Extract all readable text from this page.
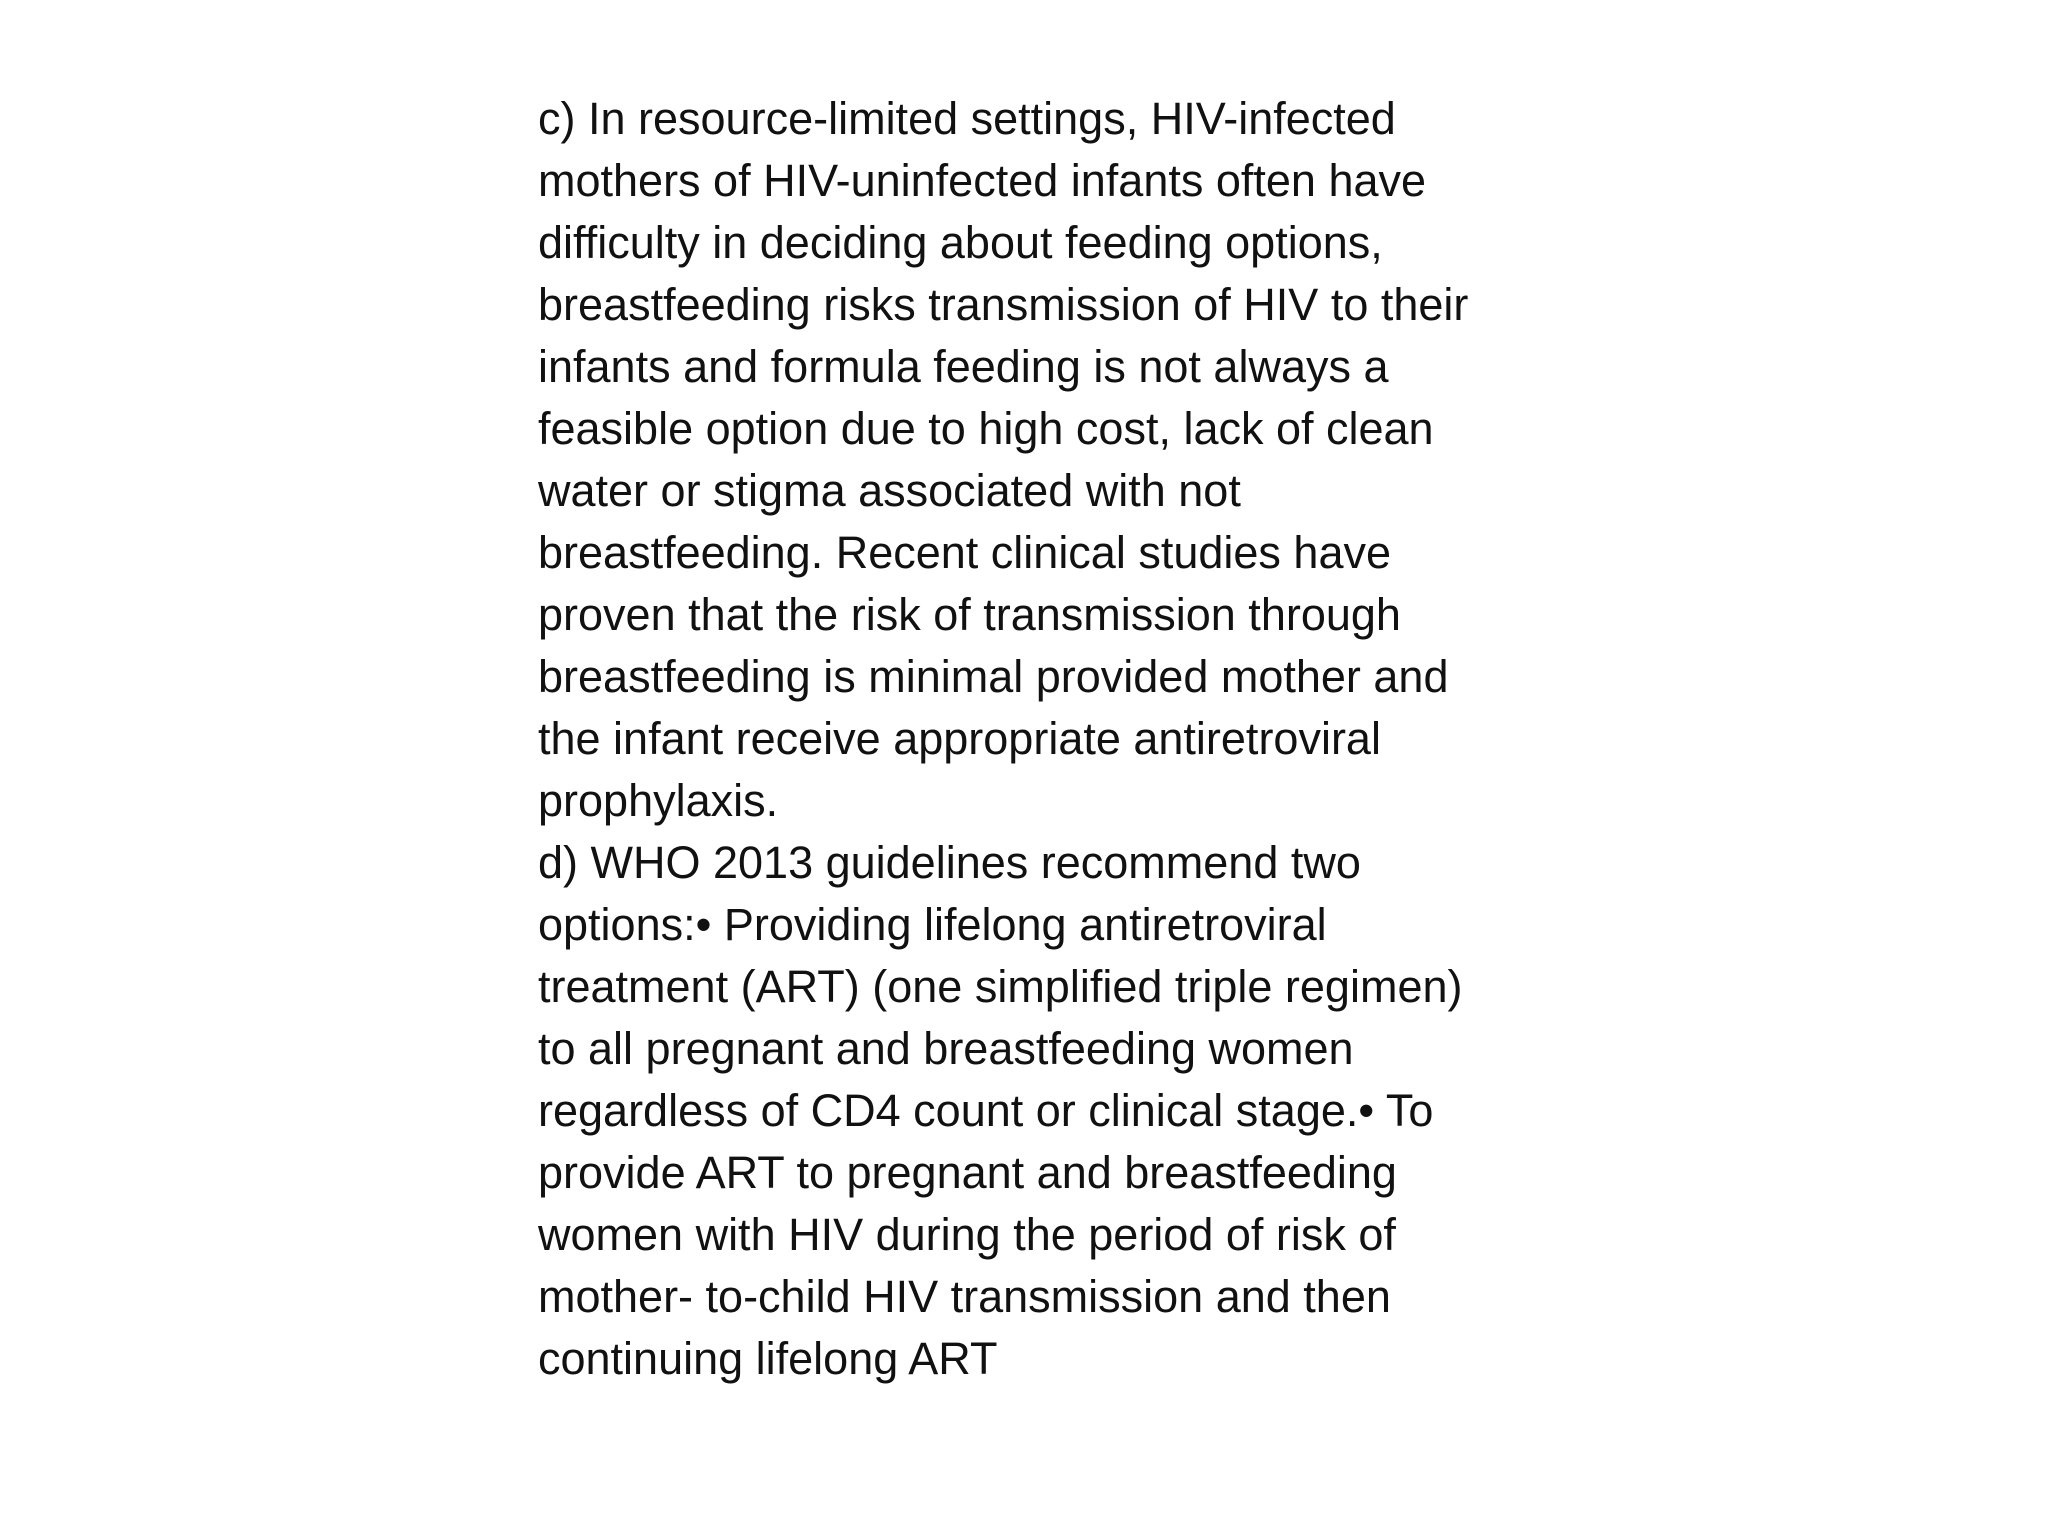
c) In resource-limited settings, HIV-infected
mothers of HIV-uninfected infants often have
difficulty in deciding about feeding options,
breastfeeding risks transmission of HIV to their
infants and formula feeding is not always a
feasible option due to high cost, lack of clean
water or stigma associated with not
breastfeeding. Recent clinical studies have
proven that the risk of transmission through
breastfeeding is minimal provided mother and
the infant receive appropriate antiretroviral
prophylaxis.
d) WHO 2013 guidelines recommend two
options:• Providing lifelong antiretroviral
treatment (ART) (one simplified triple regimen)
to all pregnant and breastfeeding women
regardless of CD4 count or clinical stage.• To
provide ART to pregnant and breastfeeding
women with HIV during the period of risk of
mother- to-child HIV transmission and then
continuing lifelong ART
